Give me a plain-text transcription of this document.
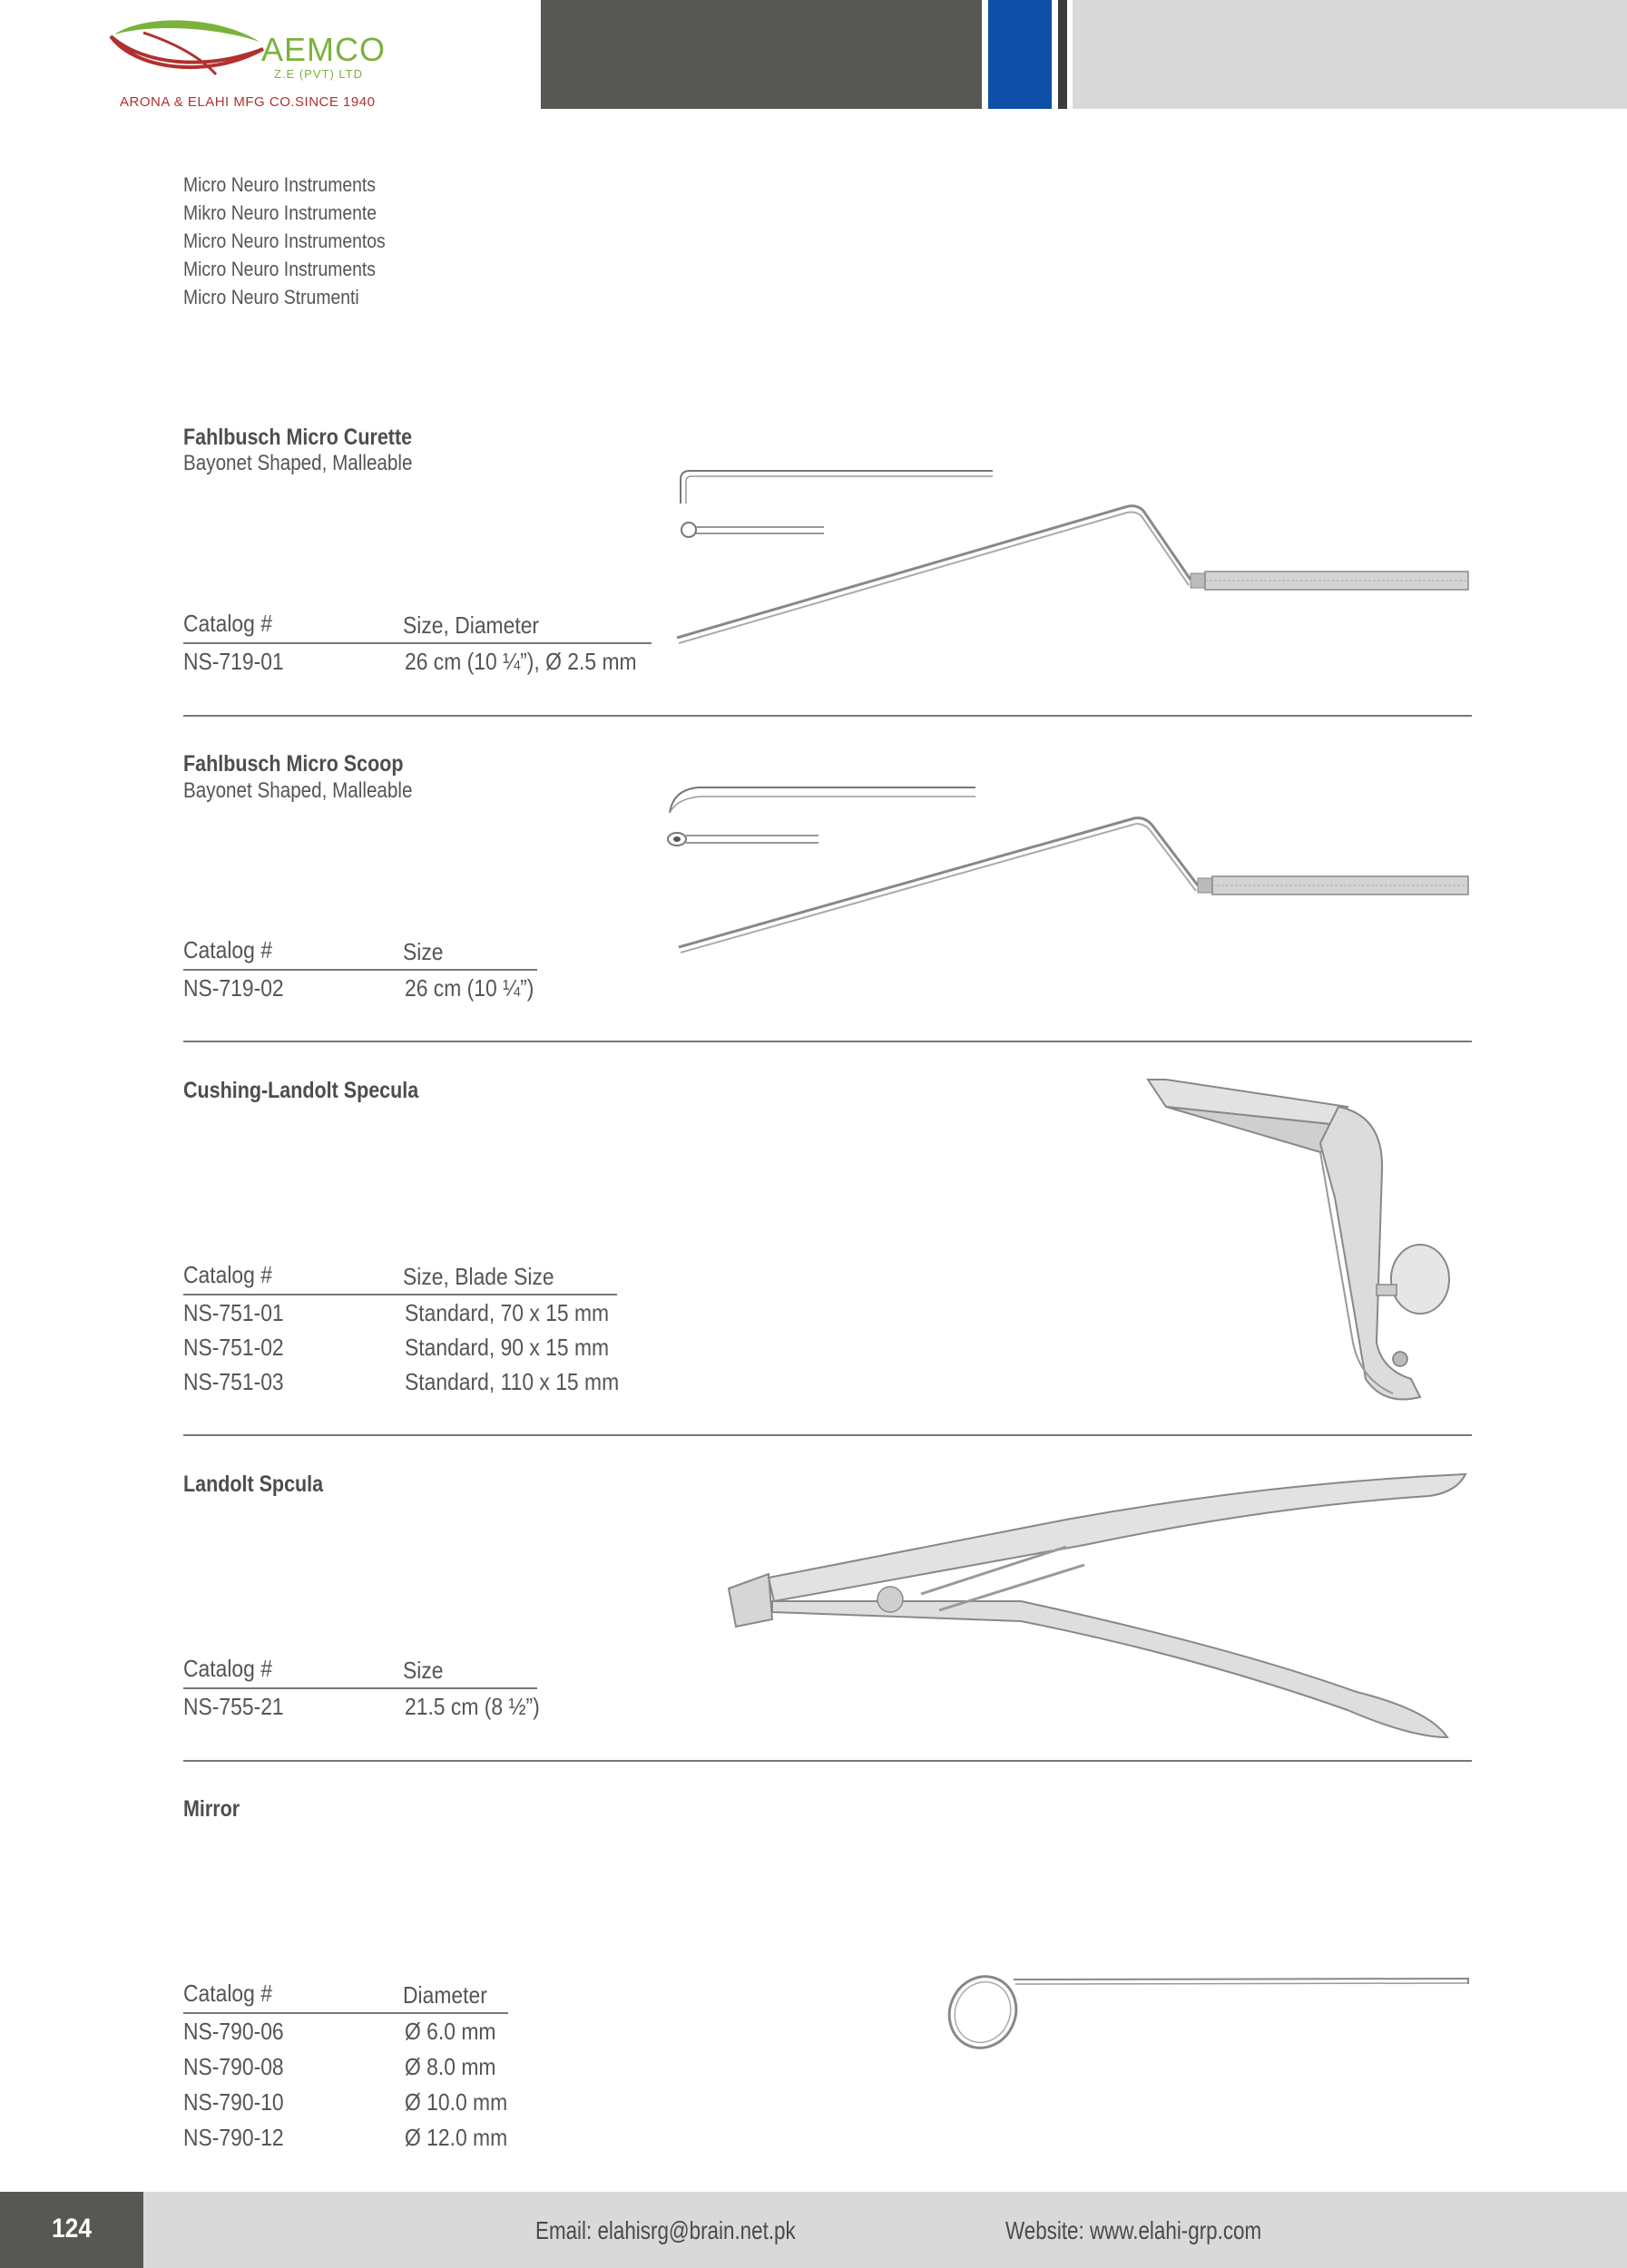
AEMCO
Z.E (PVT) LTD
ARONA & ELAHI MFG CO.SINCE 1940
Micro Neuro Instruments
Mikro Neuro Instrumente
Micro Neuro Instrumentos
Micro Neuro Instruments
Micro Neuro Strumenti
Fahlbusch Micro Curette
Bayonet Shaped, Malleable
Catalog #	Size, Diameter
NS-719-01	26 cm (10 ¼”), Ø 2.5 mm
Fahlbusch Micro Scoop
Bayonet Shaped, Malleable
Catalog #	Size
NS-719-02	26 cm (10 ¼”)
Cushing-Landolt Specula
Catalog #	Size, Blade Size
NS-751-01	Standard, 70 x 15 mm
NS-751-02	Standard, 90 x 15 mm
NS-751-03	Standard, 110 x 15 mm
Landolt Spcula
Catalog #	Size
NS-755-21	21.5 cm (8 ½”)
Mirror
Catalog #	Diameter
NS-790-06	Ø 6.0 mm
NS-790-08	Ø 8.0 mm
NS-790-10	Ø 10.0 mm
NS-790-12	Ø 12.0 mm
124	Email: elahisrg@brain.net.pk	Website: www.elahi-grp.com
